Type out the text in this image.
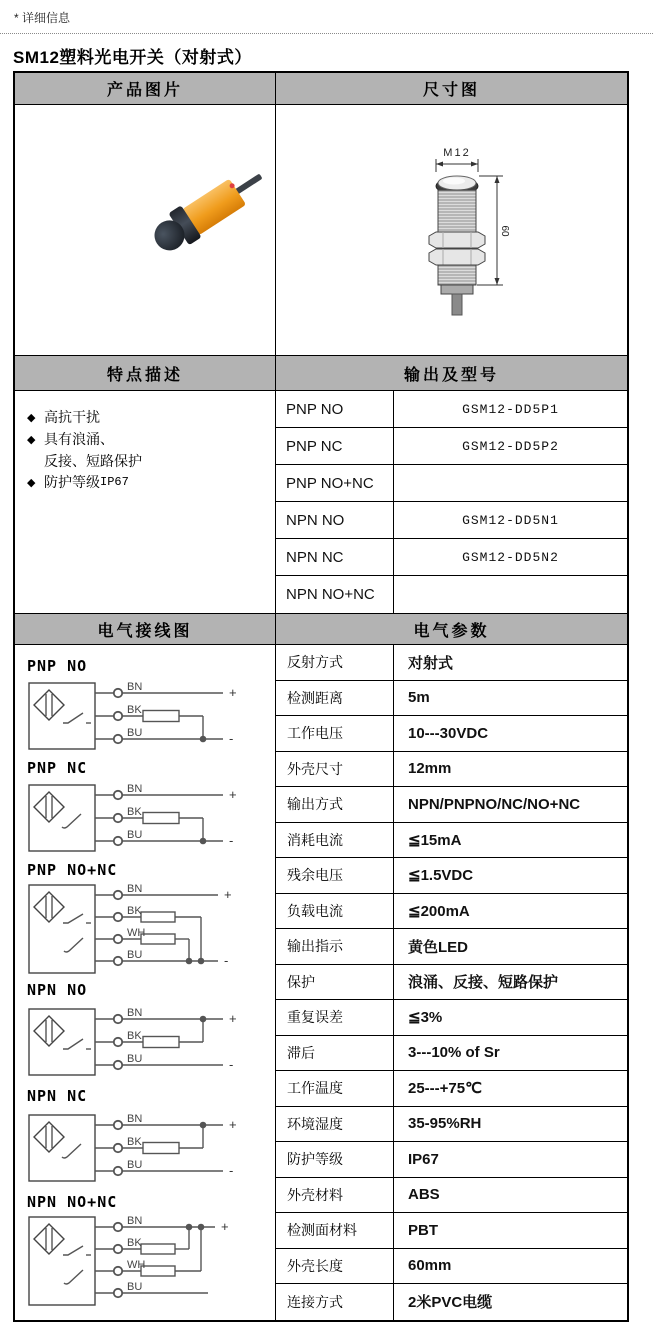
* 详细信息
SM12塑料光电开关（对射式）
产品图片	尺寸图
M12
60
特点描述	输出及型号
◆ 高抗干扰
◆ 具有浪涌、
反接、短路保护
◆ 防护等级 IP67
PNP NO	GSM12-DD5P1
PNP NC	GSM12-DD5P2
PNP NO+NC
NPN NO	GSM12-DD5N1
NPN NC	GSM12-DD5N2
NPN NO+NC
电气接线图	电气参数
PNP NO
BN
BK
BU
+
-
PNP NC
BN
BK
BU
+
-
PNP NO+NC
BN
BK
WH
BU
+
-
NPN NO
BN
BK
BU
+
-
NPN NC
BN
BK
BU
+
-
NPN NO+NC
BN
BK
WH
BU
+
反射方式	对射式
检测距离	5m
工作电压	10---30VDC
外壳尺寸	12mm
输出方式	NPN/PNPNO/NC/NO+NC
消耗电流	≦15mA
残余电压	≦1.5VDC
负载电流	≦200mA
输出指示	黄色LED
保护	浪涌、反接、短路保护
重复误差	≦3%
滞后	3---10% of Sr
工作温度	25---+75℃
环境湿度	35-95%RH
防护等级	IP67
外壳材料	ABS
检测面材料	PBT
外壳长度	60mm
连接方式	2米PVC电缆
